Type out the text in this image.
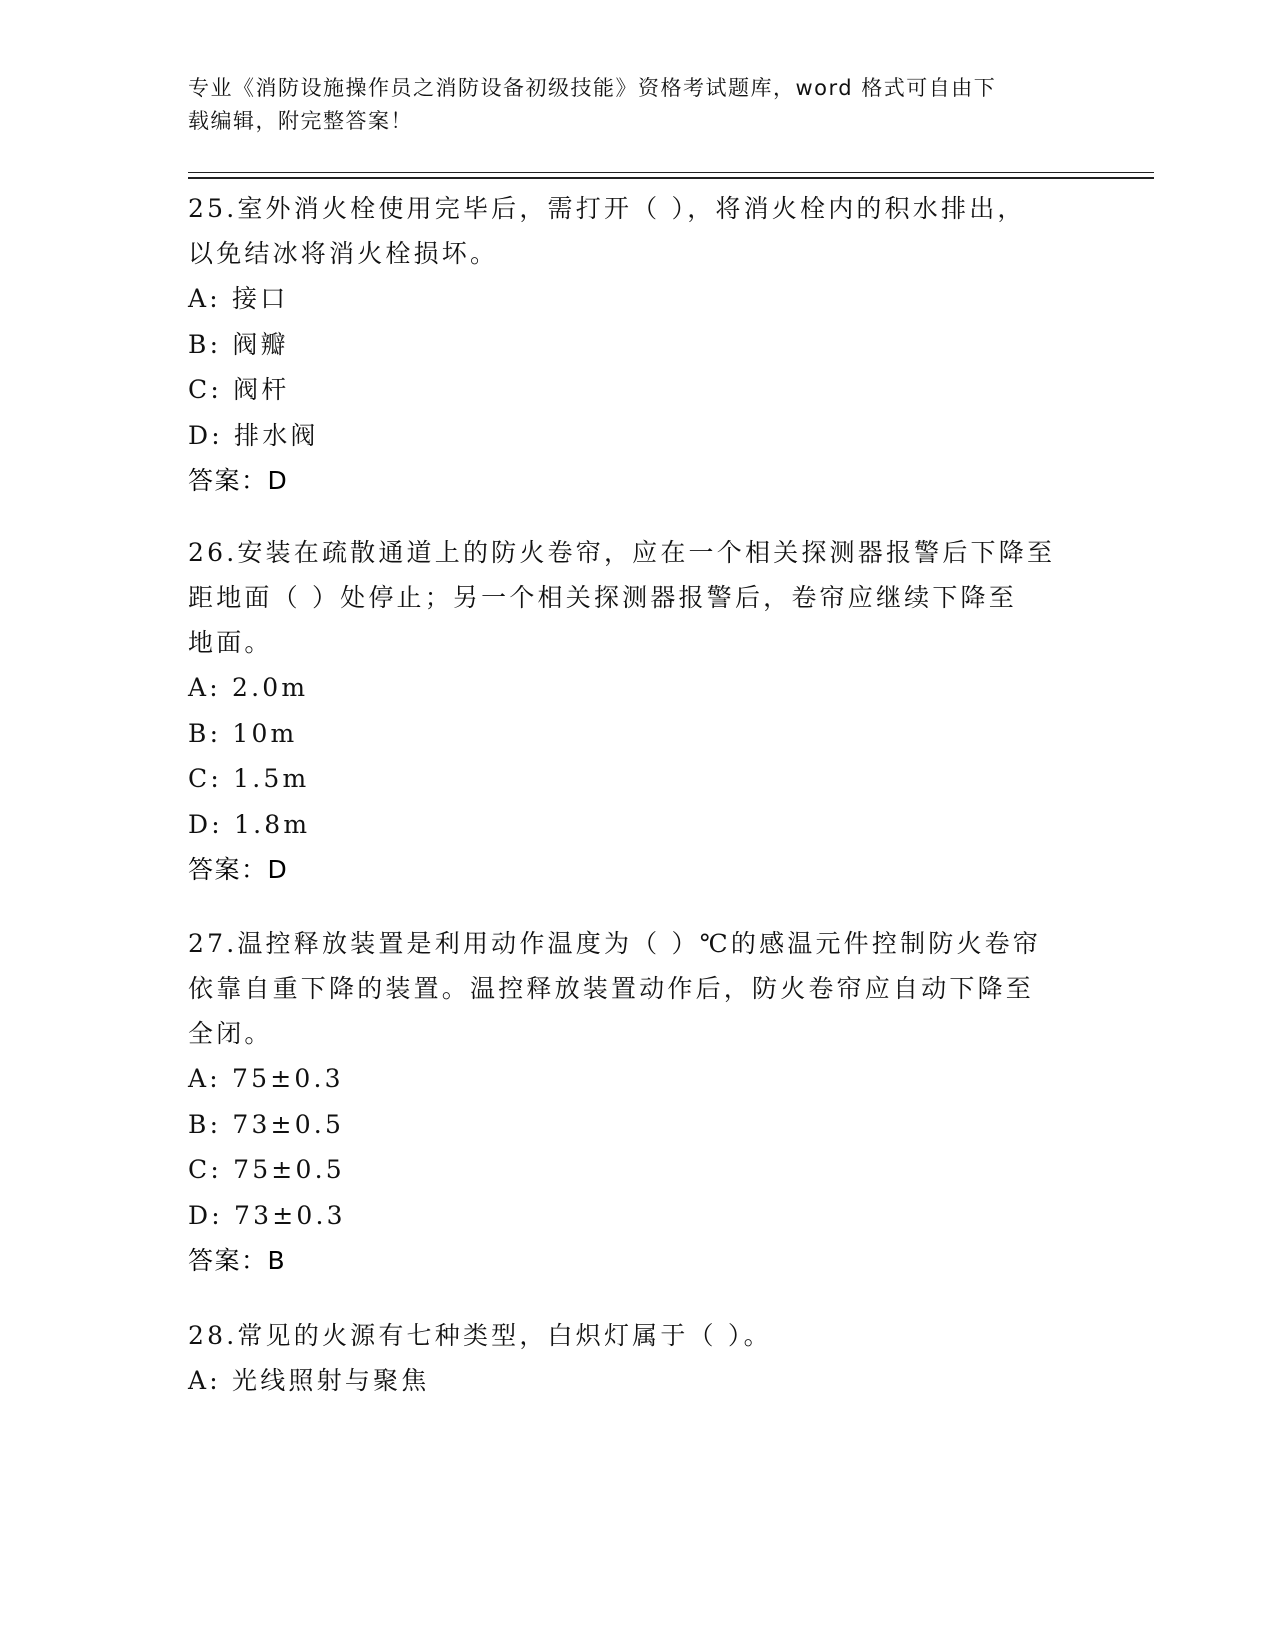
专业《消防设施操作员之消防设备初级技能》资格考试题库，word 格式可自由下
载编辑，附完整答案！

25.室外消火栓使用完毕后，需打开（ ），将消火栓内的积水排出，

以免结冰将消火栓损坏。

A: 接口

B: 阀瓣

C: 阀杆

D: 排水阀

答案：D

26.安装在疏散通道上的防火卷帘，应在一个相关探测器报警后下降至

距地面（ ）处停止；另一个相关探测器报警后，卷帘应继续下降至

地面。

A: 2.0m

B: 10m

C: 1.5m

D: 1.8m

答案：D

27.温控释放装置是利用动作温度为（ ）℃的感温元件控制防火卷帘

依靠自重下降的装置。温控释放装置动作后，防火卷帘应自动下降至

全闭。

A: 75±0.3

B: 73±0.5

C: 75±0.5

D: 73±0.3

答案：B

28.常见的火源有七种类型，白炽灯属于（ ）。

A: 光线照射与聚焦
